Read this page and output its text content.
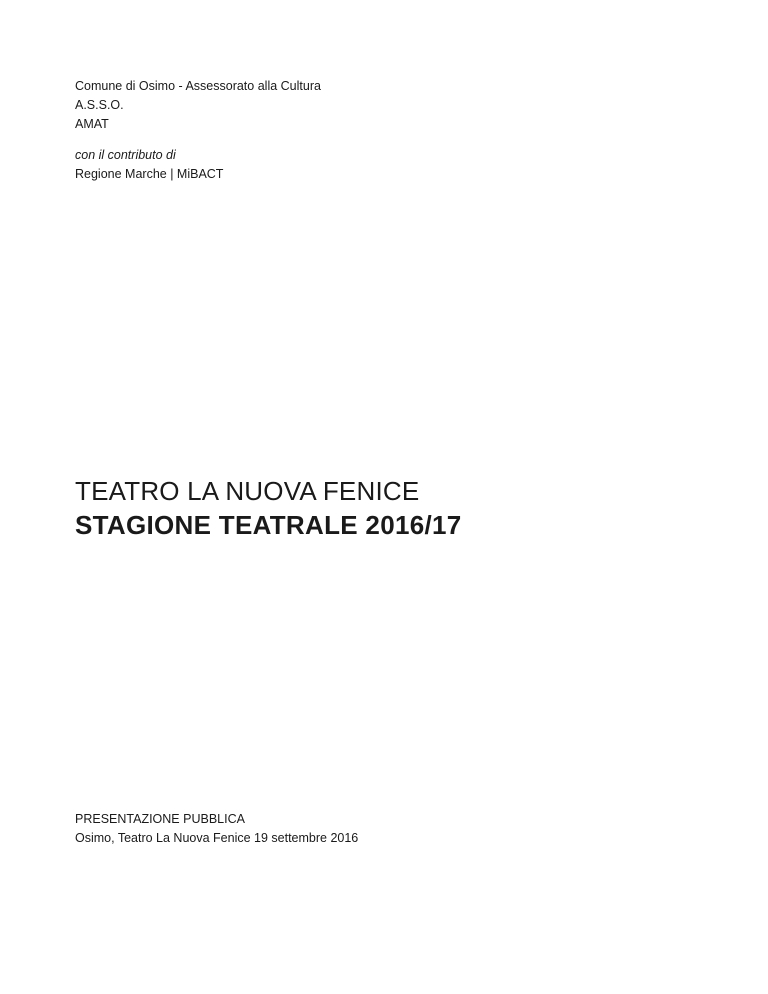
Comune di Osimo - Assessorato alla Cultura

A.S.S.O.

AMAT

con il contributo di

Regione Marche | MiBACT

TEATRO LA NUOVA FENICE
STAGIONE TEATRALE 2016/17

PRESENTAZIONE PUBBLICA

Osimo, Teatro La Nuova Fenice 19 settembre 2016
